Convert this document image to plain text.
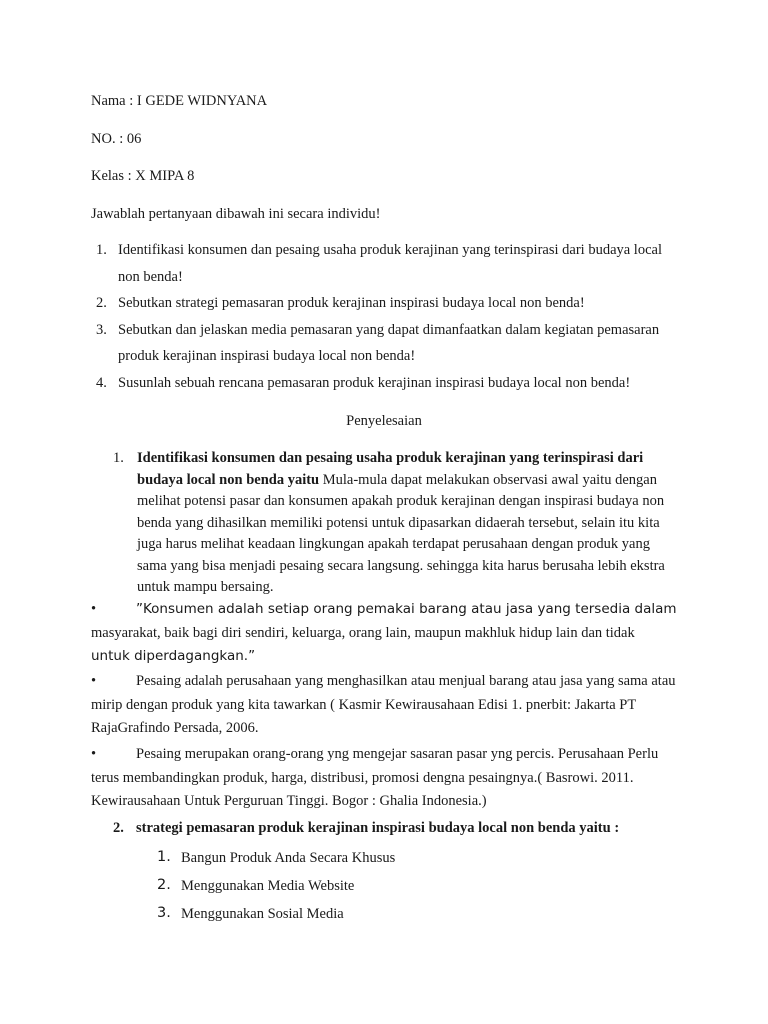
Nama : I GEDE WIDNYANA
NO. : 06
Kelas : X MIPA 8
Jawablah pertanyaan dibawah ini secara individu!
1. Identifikasi konsumen dan pesaing usaha produk kerajinan yang terinspirasi dari budaya local
non benda!
2. Sebutkan strategi pemasaran produk kerajinan inspirasi budaya local non benda!
3. Sebutkan dan jelaskan media pemasaran yang dapat dimanfaatkan dalam kegiatan pemasaran
produk kerajinan inspirasi budaya local non benda!
4. Susunlah sebuah rencana pemasaran produk kerajinan inspirasi budaya local non benda!
Penyelesaian
1. Identifikasi konsumen dan pesaing usaha produk kerajinan yang terinspirasi dari budaya local non benda yaitu Mula-mula dapat melakukan observasi awal yaitu dengan melihat potensi pasar dan konsumen apakah produk kerajinan dengan inspirasi budaya non benda yang dihasilkan memiliki potensi untuk dipasarkan didaerah tersebut, selain itu kita juga harus melihat keadaan lingkungan apakah terdapat perusahaan dengan produk yang sama yang bisa menjadi pesaing secara langsung. sehingga kita harus berusaha lebih ekstra untuk mampu bersaing.
•	”Konsumen adalah setiap orang pemakai barang atau jasa yang tersedia dalam
masyarakat, baik bagi diri sendiri, keluarga, orang lain, maupun makhluk hidup lain dan tidak
untuk diperdagangkan.”
•	Pesaing adalah perusahaan yang menghasilkan atau menjual barang atau jasa yang sama atau mirip dengan produk yang kita tawarkan ( Kasmir Kewirausahaan Edisi 1. pnerbit: Jakarta PT RajaGrafindo Persada, 2006.
•	Pesaing merupakan orang-orang yng mengejar sasaran pasar yng percis. Perusahaan Perlu terus membandingkan produk, harga, distribusi, promosi dengna pesaingnya.( Basrowi. 2011. Kewirausahaan Untuk Perguruan Tinggi. Bogor : Ghalia Indonesia.)
2. strategi pemasaran produk kerajinan inspirasi budaya local non benda yaitu :
1. Bangun Produk Anda Secara Khusus
2. Menggunakan Media Website
3. Menggunakan Sosial Media
